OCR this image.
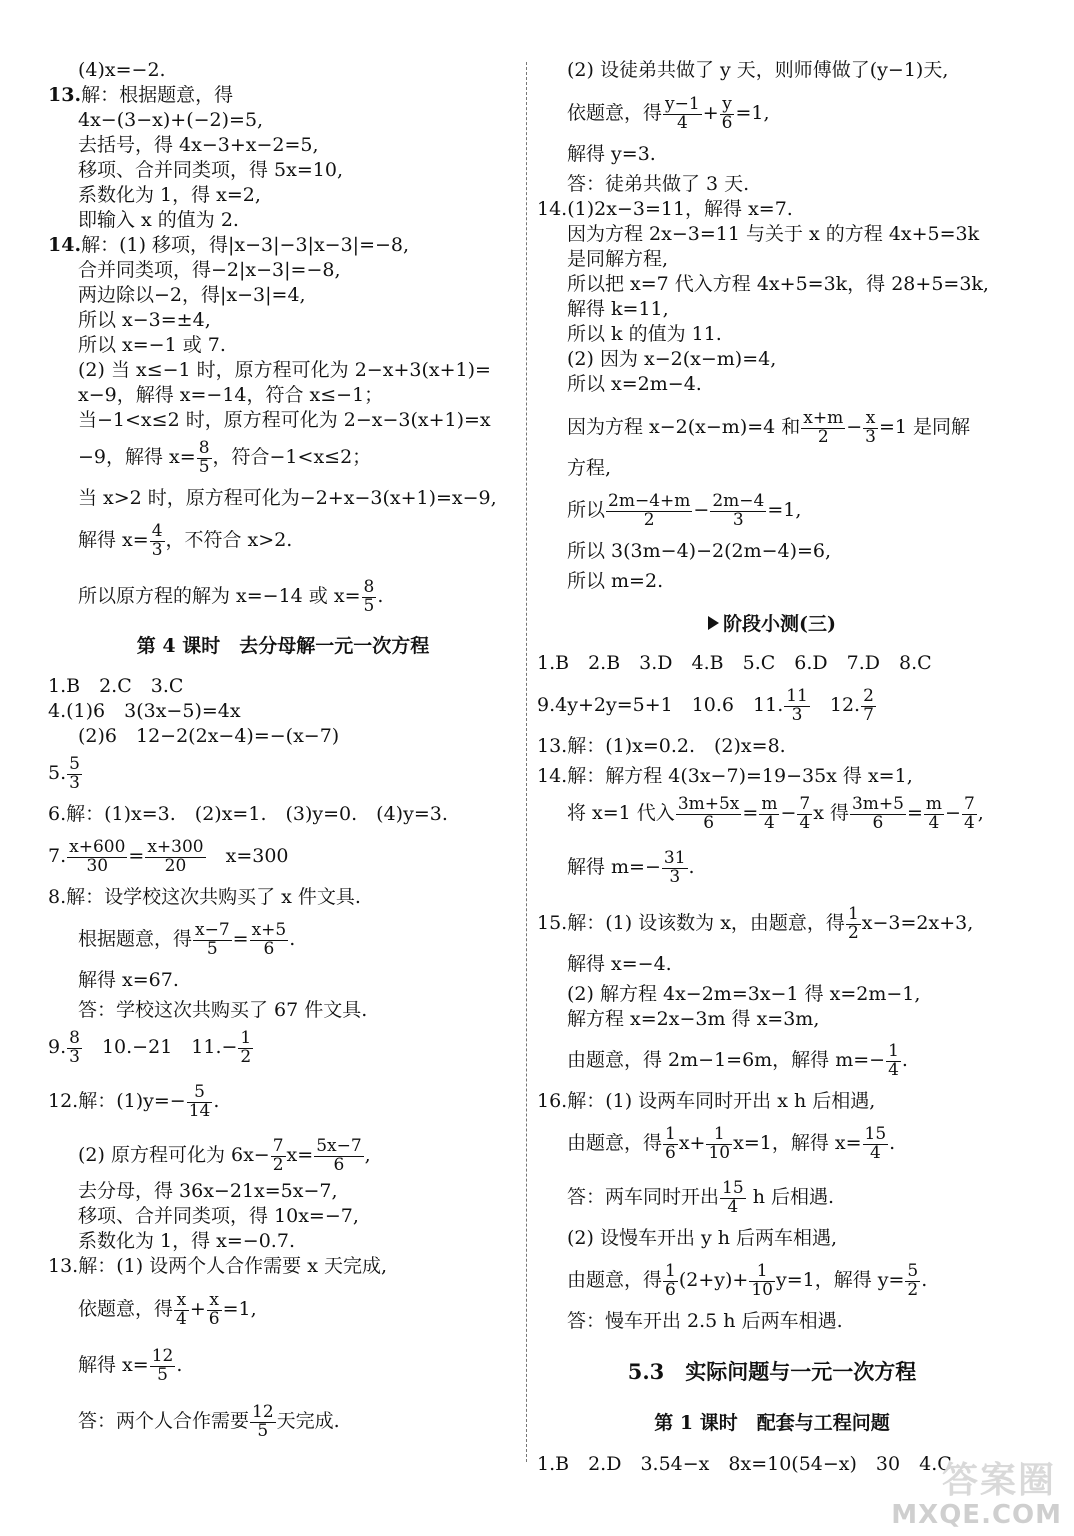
(4)x=−2.
13.解：根据题意，得
4x−(3−x)+(−2)=5,
去括号，得 4x−3+x−2=5,
移项、合并同类项，得 5x=10,
系数化为 1，得 x=2,
即输入 x 的值为 2.
14.解：(1) 移项，得|x−3|−3|x−3|=−8,
合并同类项，得−2|x−3|=−8,
两边除以−2，得|x−3|=4,
所以 x−3=±4,
所以 x=−1 或 7.
(2) 当 x≤−1 时，原方程可化为 2−x+3(x+1)=
x−9，解得 x=−14，符合 x≤−1；
当−1<x≤2 时，原方程可化为 2−x−3(x+1)=x
−9，解得 $x= \frac{8}{5}$ ，符合−1<x≤2；
当 x>2 时，原方程可化为−2+x−3(x+1)=x−9,
解得 $x= \frac{4}{3}$ ，不符合 x>2.
所以原方程的解为 x=−14 或 $x= \frac{8}{5}$ .
第 4 课时　去分母解一元一次方程
1.B　2.C　3.C
4.(1)6　3(3x−5)=4x
(2)6　12−2(2x−4)=−(x−7)
5. $\frac{5}{3}$
6.解：(1)x=3.　(2)x=1.　(3)y=0.　(4)y=3.
7. $\frac{x+600}{30} = \frac{x+300}{20}$ 　x=300
8.解：设学校这次共购买了 x 件文具.
根据题意，得 $\frac{x-7}{5} = \frac{x+5}{6}$ .
解得 x=67.
答：学校这次共购买了 67 件文具.
9. $\frac{8}{3}$ 　10.−21　$11.- \frac{1}{2}$
12.解：$(1)y=- \frac{5}{14}$ .
(2) 原方程可化为 $6x- \frac{7}{2} x= \frac{5x-7}{6}$ ,
去分母，得 36x−21x=5x−7,
移项、合并同类项，得 10x=−7,
系数化为 1，得 x=−0.7.
13.解：(1) 设两个人合作需要 x 天完成,
依题意，得 $\frac{x}{4} + \frac{x}{6} =1$,
解得 $x= \frac{12}{5}$ .
答：两个人合作需要 $\frac{12}{5}$ 天完成.
(2) 设徒弟共做了 y 天，则师傅做了(y−1)天,
依题意，得 $\frac{y-1}{4} + \frac{y}{6} =1$,
解得 y=3.
答：徒弟共做了 3 天.
14.(1)2x−3=11，解得 x=7.
因为方程 2x−3=11 与关于 x 的方程 4x+5=3k
是同解方程,
所以把 x=7 代入方程 4x+5=3k，得 28+5=3k,
解得 k=11,
所以 k 的值为 11.
(2) 因为 x−2(x−m)=4,
所以 x=2m−4.
因为方程 x−2(x−m)=4 和 $\frac{x+m}{2} - \frac{x}{3} =1$ 是同解
方程,
所以 $\frac{2m-4+m}{2} - \frac{2m-4}{3} =1$,
所以 3(3m−4)−2(2m−4)=6,
所以 m=2.
阶段小测(三)
1.B　2.B　3.D　4.B　5.C　6.D　7.D　8.C
9.4y+2y=5+1　10.6　11. $\frac{11}{3}$ 　12. $\frac{2}{7}$
13.解：(1)x=0.2.　(2)x=8.
14.解：解方程 4(3x−7)=19−35x 得 x=1,
将 x=1 代入 $\frac{3m+5x}{6} = \frac{m}{4} - \frac{7}{4}$ x 得 $\frac{3m+5}{6} = \frac{m}{4} - \frac{7}{4}$ ,
解得 $m=- \frac{31}{3}$ .
15.解：(1) 设该数为 x，由题意，得 $\frac{1}{2} x-3=2x+3$,
解得 x=−4.
(2) 解方程 4x−2m=3x−1 得 x=2m−1,
解方程 x=2x−3m 得 x=3m,
由题意，得 2m−1=6m，解得 $m=- \frac{1}{4}$ .
16.解：(1) 设两车同时开出 x h 后相遇,
由题意，得 $\frac{1}{6} x+ \frac{1}{10} x=1$，解得 $x= \frac{15}{4}$ .
答：两车同时开出 $\frac{15}{4}$ h 后相遇.
(2) 设慢车开出 y h 后两车相遇,
由题意，得 $\frac{1}{6} (2+y)+ \frac{1}{10} y=1$，解得 $y= \frac{5}{2}$ .
答：慢车开出 2.5 h 后两车相遇.
5.3　实际问题与一元一次方程
第 1 课时　配套与工程问题
1.B　2.D　3.54−x　8x=10(54−x)　30　4.C
答案圈
MXQE.COM
